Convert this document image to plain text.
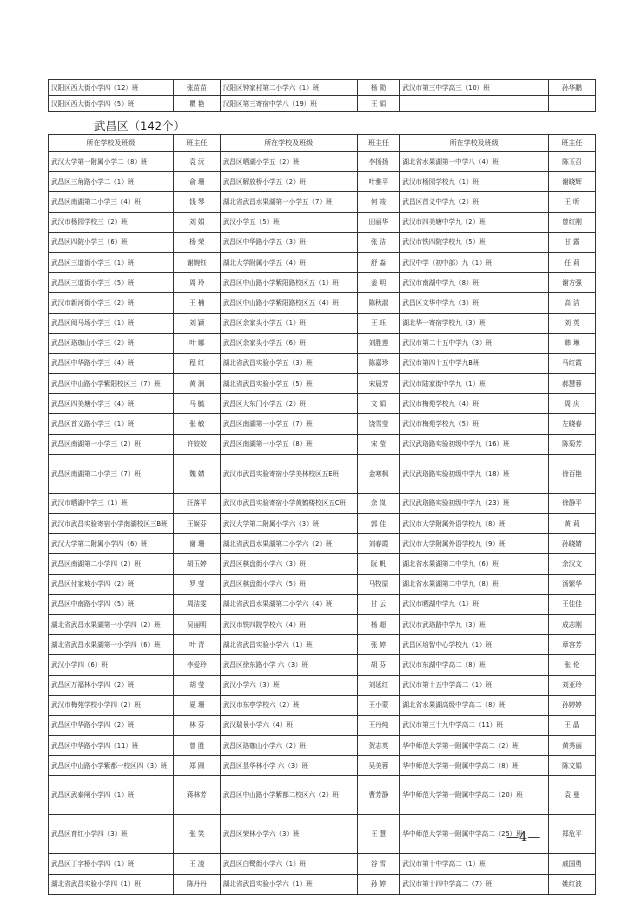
汉阳区西大街小学四（12）班	张苗苗	汉阳区钟家村第二小学六（1）班	杨 勋	武汉市第三中学高三（10）班	孙华鹏
汉阳区西大街小学四（5）班	瞿 艳	汉阳区第三寄宿中学八（19）班	王 娟		
武昌区（142个）
所在学校及班级	班主任	所在学校及班级	班主任	所在学校及班级	班主任
武汉大学第一附属小学二（8）班	袁 沅	武昌区晒湖小学五（2）班	李扬扬	湖北省水果湖第一中学八（4）班	陈玉召
武昌区三角路小学二（1）班	俞 珊	武昌区解放桥小学五（2）班	叶雅平	武汉市杨园学校九（1）班	谢晓辉
武昌区南湖第二小学三（4）班	钱 琴	湖北省武昌水果湖第一小学五（7）班	何 竣	武昌区首义中学九（2）班	王 昕
武汉市杨园学校三（2）班	刘 娟	武汉小学五（5）班	田丽华	武汉市四美塘中学九（2）班	曾红刚
武昌区四院小学三（6）班	杨 荣	武昌区中华路小学五（3）班	张 洁	武汉市铁四院学校九（5）班	甘 露
武昌区三道街小学三（1）班	谢婉钰	湖北大学附属小学五（4）班	舒 淼	武汉中学（初中部）九（1）班	任 莉
武昌区三道街小学三（5）班	周 玲	武昌区中山路小学紫阳路校区五（1）班	姜 明	武汉市南湖中学九（8）班	谢方强
武汉市新河街小学三（2）班	王 楠	武昌区中山路小学紫阳路校区五（4）班	陈秋淑	武昌区文华中学九（3）班	高 洁
武昌区阅马场小学三（1）班	刘 颖	武昌区余家头小学五（1）班	王 珏	湖北华一寄宿学校九（3）班	刘 英
武昌区珞珈山小学三（2）班	叶 娜	武昌区余家头小学五（6）班	刘胜莲	武汉市第二十五中学九（3）班	韩 琳
武昌区中华路小学三（4）班	程 红	湖北省武昌实验小学五（3）班	陈嘉珍	武汉市第四十五中学九B班	马红霞
武昌区中山路小学紫阳校区三（7）班	黄 润	湖北省武昌实验小学五（5）班	宋晨芳	武汉市陆家街中学九（1）班	郝慧蓉
武昌区四美塘小学三（4）班	马 毓	武昌区大东门小学五（2）班	文 娟	武汉市梅苑学校九（4）班	周 庆
武昌区首义路小学三（1）班	张 敏	武昌区南湖第一小学五（7）班	饶雪莹	武汉市梅苑学校九（5）班	左晓春
武昌区南湖第一小学三（2）班	许姣姣	武昌区南湖第一小学五（8）班	宋 莹	武汉武珞路实验初级中学九（16）班	陈菊芳
武昌区南湖第二小学三（7）班	魏 婧	武汉市武昌实验寄宿小学美林校区五E班	金寒枫	武汉武珞路实验初级中学九（18）班	徐百艳
武汉市晒湖中学三（1）班	汪落平	武汉市武昌实验寄宿小学黄鹤楼校区五C班	余 岚	武汉武珞路实验初级中学九（23）班	徐静平
武汉市武昌实验寄宿小学南湖校区三B班	王姬芬	武汉大学第二附属小学六（3）班	郭 佳	武汉市大学附属外语学校九（8）班	黄 莉
武汉大学第二附属小学四（6）班	谢 珊	湖北省武昌水果湖第二小学六（2）班	刘春霞	武汉市大学附属外语学校九（9）班	孙晓婧
武昌区南湖第二小学四（2）班	胡玉婷	武昌区棋盘街小学六（3）班	阮 帆	湖北省水果湖第二中学九（6）班	余汉文
武昌区付家坡小学四（2）班	罗 莹	武昌区棋盘街小学六（5）班	马牧原	湖北省水果湖第二中学九（8）班	汤繁华
武昌区中南路小学四（5）班	周洁雯	湖北省武昌水果湖第二小学六（4）班	甘 云	武汉市晒湖中学九（1）班	王佳佳
湖北省武昌水果湖第一小学四（2）班	吴丽明	武汉市铁四院学校六（4）班	杨 超	武汉市武珞路中学九（3）班	成志刚
湖北省武昌水果湖第一小学四（6）班	叶 青	湖北省武昌实验小学六（1）班	张 婷	武昌区培智中心学校九（1）班	章容芳
武汉小学四（6）班	李爱玲	武昌区徐东路小学 六（3）班	胡 芬	武汉市东湖中学高二（8）班	张 伦
武昌区万福林小学四（2）班	胡 莹	武汉小学六（3）班	刘延红	武汉市第十五中学高二（1）班	刘亚玲
武汉市梅苑学校小学四（2）班	夏 珊	武汉市东亭学校六（2）班	王小蒙	湖北省水果湖高级中学高二（8）班	孙婷婷
武昌区中华路小学四（2）班	林 芬	武汉瑞景小学六（4）班	王丹纯	武汉市第三十九中学高二（11）班	王 晶
武昌区中华路小学四（11）班	曾 胜	武昌区珞珈山小学六（2）班	贺志英	华中师范大学第一附属中学高二（2）班	黄秀丽
武昌区中山路小学紫都一校区四（3）班	郑 圆	武昌区昙华林小学 六（3）班	吴美蓉	华中师范大学第一附属中学高二（8）班	陈文娟
武昌区武泰闸小学四（1）班	蒋林芳	武昌区中山路小学紫都二校区六（2）班	曹芳静	华中师范大学第一附属中学高二（20）班	袁 曼
武昌区育红小学四（3）班	张 笑	武昌区荣林小学六（3）班	王 慧	华中师范大学第一附属中学高二（25）班	郑危平
武昌区丁字桥小学四（1）班	王 凌	武昌区白鹭街小学六（1）班	谷 雪	武汉市第十中学高二（1）班	戚国勇
湖北省武昌实验小学四（1）班	陈丹丹	湖北省武昌实验小学六（1）班	孙 婷	武汉市第十四中学高二（7）班	姚红波
—4—
